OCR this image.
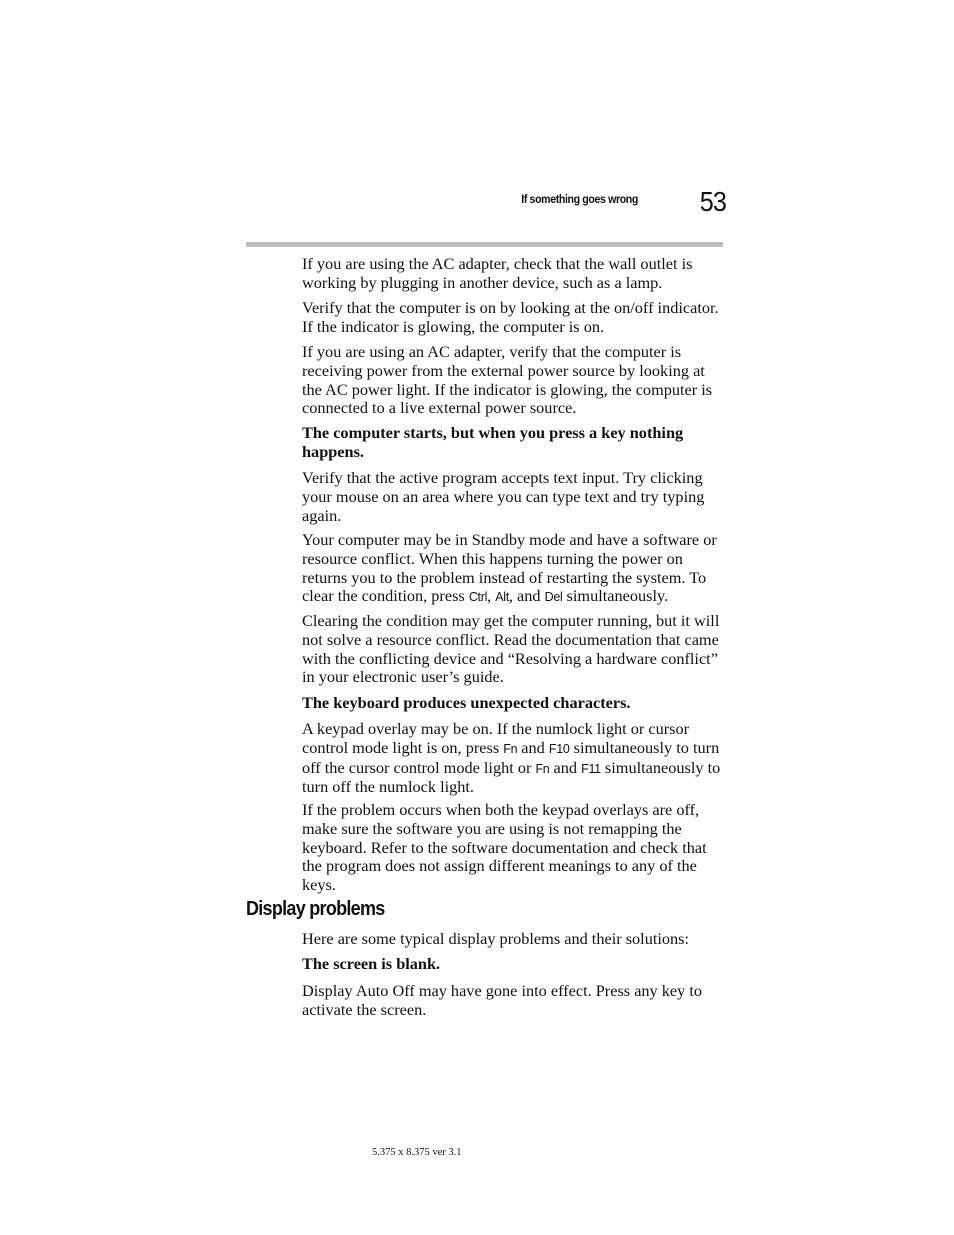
If something goes wrong 53

If you are using the AC adapter, check that the wall outlet is working by plugging in another device, such as a lamp.

Verify that the computer is on by looking at the on/off indicator. If the indicator is glowing, the computer is on.

If you are using an AC adapter, verify that the computer is receiving power from the external power source by looking at the AC power light. If the indicator is glowing, the computer is connected to a live external power source.

The computer starts, but when you press a key nothing happens.

Verify that the active program accepts text input. Try clicking your mouse on an area where you can type text and try typing again.

Your computer may be in Standby mode and have a software or resource conflict. When this happens turning the power on returns you to the problem instead of restarting the system. To clear the condition, press Ctrl, Alt, and Del simultaneously.

Clearing the condition may get the computer running, but it will not solve a resource conflict. Read the documentation that came with the conflicting device and “Resolving a hardware conflict” in your electronic user’s guide.

The keyboard produces unexpected characters.

A keypad overlay may be on. If the numlock light or cursor control mode light is on, press Fn and F10 simultaneously to turn off the cursor control mode light or Fn and F11 simultaneously to turn off the numlock light.

If the problem occurs when both the keypad overlays are off, make sure the software you are using is not remapping the keyboard. Refer to the software documentation and check that the program does not assign different meanings to any of the keys.

Display problems

Here are some typical display problems and their solutions:

The screen is blank.

Display Auto Off may have gone into effect. Press any key to activate the screen.

5.375 x 8.375 ver 3.1
